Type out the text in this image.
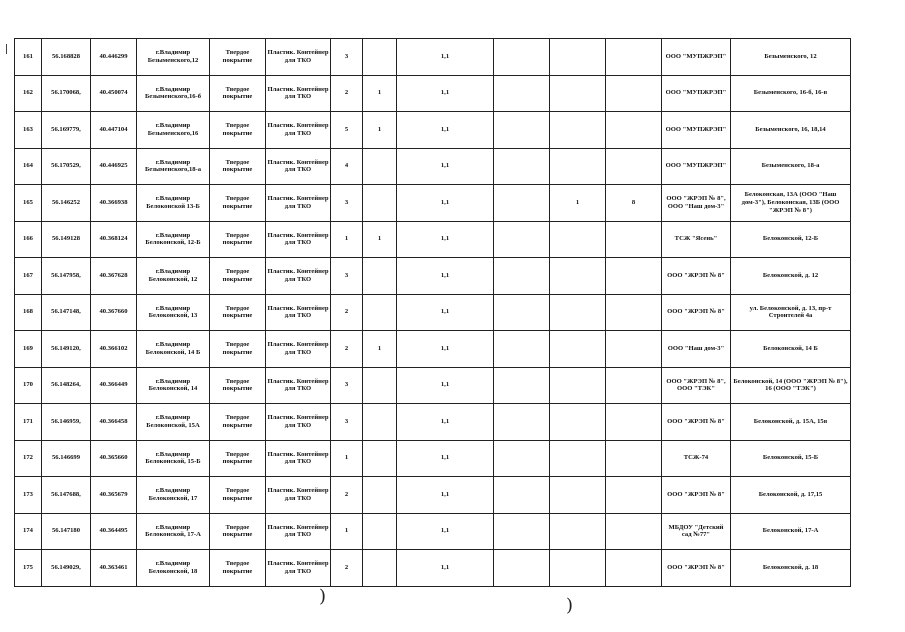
161	56.168828	40.446299	г.Владимир Безыменского,12	Твердое покрытие	Пластик. Контейнер для ТКО	3		1,1				ООО "МУПЖРЭП"	Безыменского, 12
162	56.170068,	40.450074	г.Владимир Безыменского,16-б	Твердое покрытие	Пластик. Контейнер для ТКО	2	1	1,1				ООО "МУПЖРЭП"	Безыменского, 16-б, 16-в
163	56.169779,	40.447104	г.Владимир Безыменского,16	Твердое покрытие	Пластик. Контейнер для ТКО	5	1	1,1				ООО "МУПЖРЭП"	Безыменского, 16, 18,14
164	56.170529,	40.446925	г.Владимир Безыменского,18-а	Твердое покрытие	Пластик. Контейнер для ТКО	4		1,1				ООО "МУПЖРЭП"	Безыменского, 18-а
165	56.146252	40.366938	г.Владимир Белоконской 13-Б	Твердое покрытие	Пластик. Контейнер для ТКО	3		1,1		1	8	ООО "ЖРЭП № 8", ООО "Наш дом-3"	Белоконская, 13А (ООО "Наш дом-3"), Белоконская, 13Б (ООО "ЖРЭП № 8")
166	56.149128	40.368124	г.Владимир Белоконской, 12-Б	Твердое покрытие	Пластик. Контейнер для ТКО	1	1	1,1				ТСЖ "Ясень"	Белоконской, 12-Б
167	56.147958,	40.367628	г.Владимир Белоконской, 12	Твердое покрытие	Пластик. Контейнер для ТКО	3		1,1				ООО "ЖРЭП № 8"	Белоконской, д. 12
168	56.147148,	40.367660	г.Владимир Белоконской, 13	Твердое покрытие	Пластик. Контейнер для ТКО	2		1,1				ООО "ЖРЭП № 8"	ул. Белоконской, д. 13, пр-т Строителей 4а
169	56.149120,	40.366102	г.Владимир Белоконской, 14 Б	Твердое покрытие	Пластик. Контейнер для ТКО	2	1	1,1				ООО "Наш дом-3"	Белоконской, 14 Б
170	56.148264,	40.366449	г.Владимир Белоконской, 14	Твердое покрытие	Пластик. Контейнер для ТКО	3		1,1				ООО "ЖРЭП № 8", ООО "ТЭК"	Белоконской, 14 (ООО "ЖРЭП № 8"), 16 (ООО "ТЭК")
171	56.146959,	40.366458	г.Владимир Белоконской, 15А	Твердое покрытие	Пластик. Контейнер для ТКО	3		1,1				ООО "ЖРЭП № 8"	Белоконской, д. 15А, 15в
172	56.146699	40.365660	г.Владимир Белоконской, 15-Б	Твердое покрытие	Пластик. Контейнер для ТКО	1		1,1				ТСЖ-74	Белоконской, 15-Б
173	56.147688,	40.365679	г.Владимир Белоконской, 17	Твердое покрытие	Пластик. Контейнер для ТКО	2		1,1				ООО "ЖРЭП № 8"	Белоконской, д. 17,15
174	56.147180	40.364495	г.Владимир Белоконской, 17-А	Твердое покрытие	Пластик. Контейнер для ТКО	1		1,1				МБДОУ "Детский сад №77"	Белоконской, 17-А
175	56.149029,	40.363461	г.Владимир Белоконской, 18	Твердое покрытие	Пластик. Контейнер для ТКО	2		1,1				ООО "ЖРЭП № 8"	Белоконской, д. 18
)	)
